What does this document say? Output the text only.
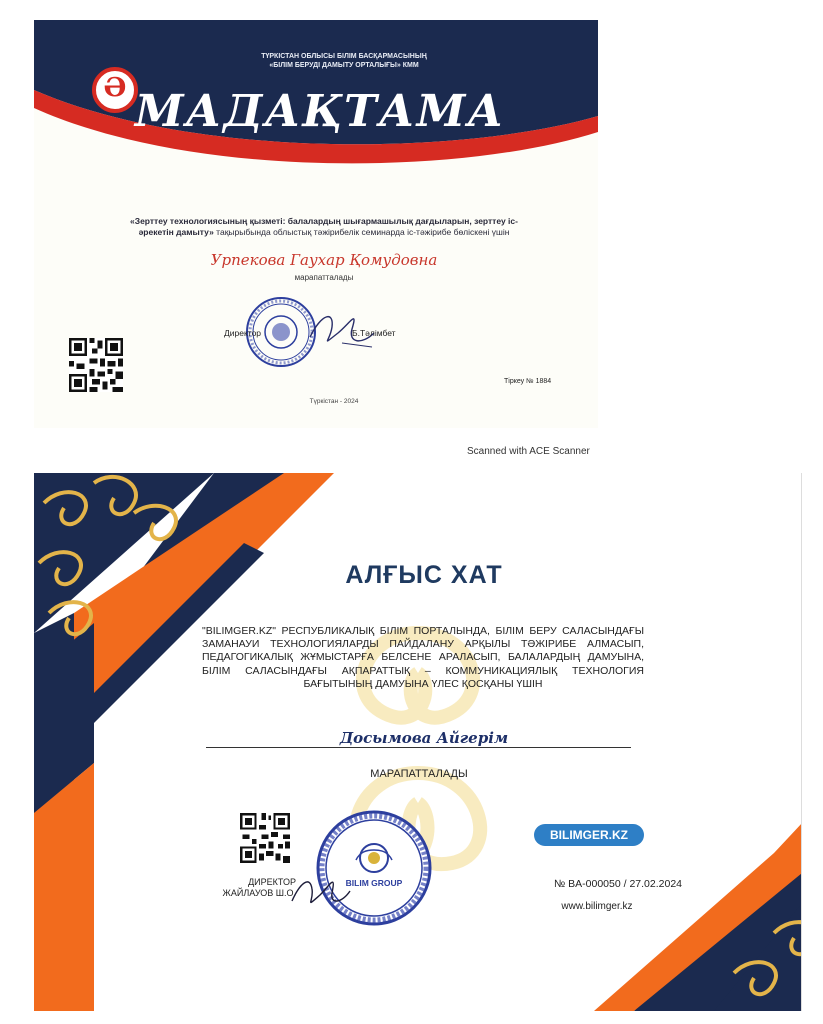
ТҮРКІСТАН ОБЛЫСЫ БІЛІМ БАСҚАРМАСЫНЫҢ
«БІЛІМ БЕРУДІ ДАМЫТУ ОРТАЛЫҒЫ» КММ
Ә МАДАҚТАМА
«Зерттеу технологиясының қызметі: балалардың шығармашылық дағдыларын, зерттеу іс-әрекетін дамыту» тақырыбында облыстық тәжірибелік семинарда іс-тәжірибе бөліскені үшін
Урпекова Гаухар Қомудовна
марапатталады
Директор	Б.Тәлімбет
Тіркеу № 1884
Түркістан - 2024
Scanned with ACE Scanner
АЛҒЫС ХАТ
"BILIMGER.KZ" РЕСПУБЛИКАЛЫҚ БІЛІМ ПОРТАЛЫНДА, БІЛІМ БЕРУ САЛАСЫНДАҒЫ ЗАМАНАУИ ТЕХНОЛОГИЯЛАРДЫ ПАЙДАЛАНУ АРҚЫЛЫ ТӘЖІРИБЕ АЛМАСЫП, ПЕДАГОГИКАЛЫҚ ЖҰМЫСТАРҒА БЕЛСЕНЕ АРАЛАСЫП, БАЛАЛАРДЫҢ ДАМУЫНА, БІЛІМ САЛАСЫНДАҒЫ АҚПАРАТТЫҚ – КОММУНИКАЦИЯЛЫҚ ТЕХНОЛОГИЯ БАҒЫТЫНЫҢ ДАМУЫНА ҮЛЕС ҚОСҚАНЫ ҮШІН
Досымова Айгерім
МАРАПАТТАЛАДЫ
ДИРЕКТОР
ЖАЙЛАУОВ Ш.О.
BILIM GROUP
BILIMGER.KZ
№ BA-000050 / 27.02.2024
www.bilimger.kz
